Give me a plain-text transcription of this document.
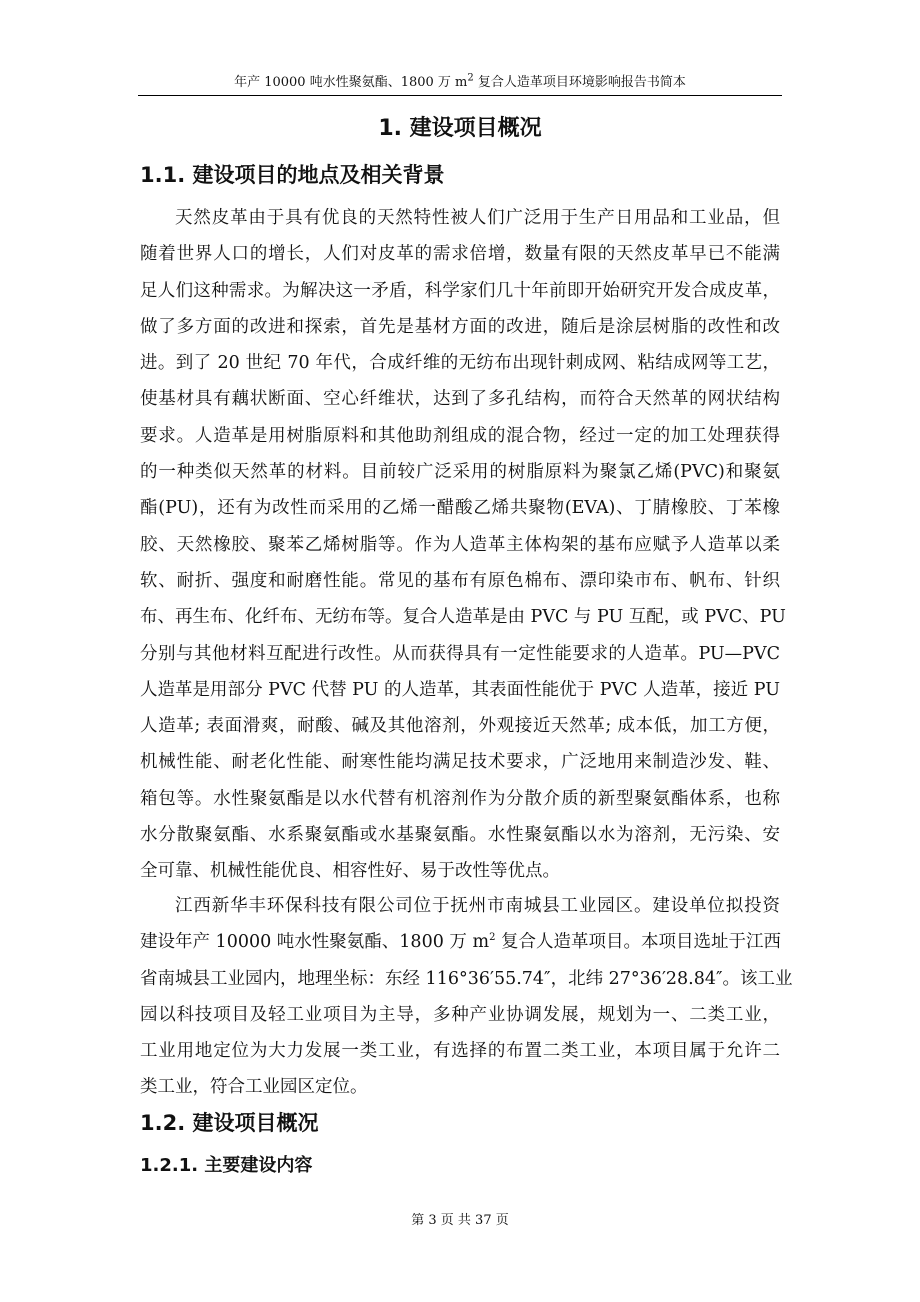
年产 10000 吨水性聚氨酯、1800 万 $m^2$ 复合人造革项目环境影响报告书简本
1. 建设项目概况
1.1. 建设项目的地点及相关背景
天然皮革由于具有优良的天然特性被人们广泛用于生产日用品和工业品，但
随着世界人口的增长，人们对皮革的需求倍增，数量有限的天然皮革早已不能满
足人们这种需求。为解决这一矛盾，科学家们几十年前即开始研究开发合成皮革，
做了多方面的改进和探索，首先是基材方面的改进，随后是涂层树脂的改性和改
进。到了 20 世纪 70 年代，合成纤维的无纺布出现针刺成网、粘结成网等工艺，
使基材具有藕状断面、空心纤维状，达到了多孔结构，而符合天然革的网状结构
要求。人造革是用树脂原料和其他助剂组成的混合物，经过一定的加工处理获得
的一种类似天然革的材料。目前较广泛采用的树脂原料为聚氯乙烯(PVC)和聚氨
酯(PU)，还有为改性而采用的乙烯一醋酸乙烯共聚物(EVA)、丁腈橡胶、丁苯橡
胶、天然橡胶、聚苯乙烯树脂等。作为人造革主体构架的基布应赋予人造革以柔
软、耐折、强度和耐磨性能。常见的基布有原色棉布、漂印染市布、帆布、针织
布、再生布、化纤布、无纺布等。复合人造革是由 PVC 与 PU 互配，或 PVC、PU
分别与其他材料互配进行改性。从而获得具有一定性能要求的人造革。PU—PVC
人造革是用部分 PVC 代替 PU 的人造革，其表面性能优于 PVC 人造革，接近 PU
人造革; 表面滑爽，耐酸、碱及其他溶剂，外观接近天然革; 成本低，加工方便，
机械性能、耐老化性能、耐寒性能均满足技术要求，广泛地用来制造沙发、鞋、
箱包等。水性聚氨酯是以水代替有机溶剂作为分散介质的新型聚氨酯体系，也称
水分散聚氨酯、水系聚氨酯或水基聚氨酯。水性聚氨酯以水为溶剂，无污染、安
全可靠、机械性能优良、相容性好、易于改性等优点。
江西新华丰环保科技有限公司位于抚州市南城县工业园区。建设单位拟投资
建设年产 10000 吨水性聚氨酯、1800 万 $m^2$ 复合人造革项目。本项目选址于江西
省南城县工业园内，地理坐标：东经 116°36′55.74″，北纬 27°36′28.84″。该工业
园以科技项目及轻工业项目为主导，多种产业协调发展，规划为一、二类工业，
工业用地定位为大力发展一类工业，有选择的布置二类工业，本项目属于允许二
类工业，符合工业园区定位。
1.2. 建设项目概况
1.2.1. 主要建设内容
第 3 页 共 37 页
